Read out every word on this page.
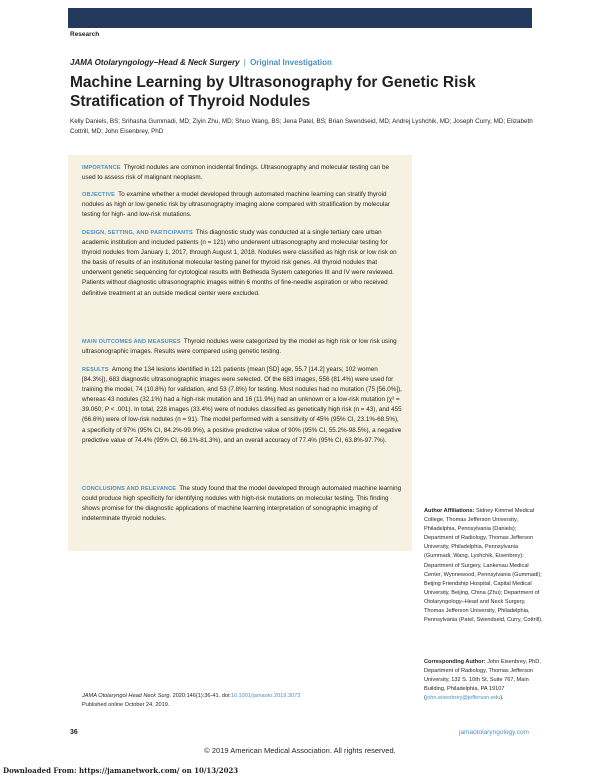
Research
JAMA Otolaryngology–Head & Neck Surgery | Original Investigation
Machine Learning by Ultrasonography for Genetic Risk Stratification of Thyroid Nodules

Kelly Daniels, BS; Srihasha Gummadi, MD; Ziyin Zhu, MD; Shuo Wang, BS; Jena Patel, BS; Brian Swendseid, MD; Andrej Lyshchik, MD; Joseph Curry, MD; Elizabeth Cottrill, MD; John Eisenbrey, PhD

IMPORTANCE Thyroid nodules are common incidental findings. Ultrasonography and molecular testing can be used to assess risk of malignant neoplasm.

OBJECTIVE To examine whether a model developed through automated machine learning can stratify thyroid nodules as high or low genetic risk by ultrasonography imaging alone compared with stratification by molecular testing for high- and low-risk mutations.

DESIGN, SETTING, AND PARTICIPANTS This diagnostic study was conducted at a single tertiary care urban academic institution and included patients (n = 121) who underwent ultrasonography and molecular testing for thyroid nodules from January 1, 2017, through August 1, 2018. Nodules were classified as high risk or low risk on the basis of results of an institutional molecular testing panel for thyroid risk genes. All thyroid nodules that underwent genetic sequencing for cytological results with Bethesda System categories III and IV were reviewed. Patients without diagnostic ultrasonographic images within 6 months of fine-needle aspiration or who received definitive treatment at an outside medical center were excluded.

MAIN OUTCOMES AND MEASURES Thyroid nodules were categorized by the model as high risk or low risk using ultrasonographic images. Results were compared using genetic testing.

RESULTS Among the 134 lesions identified in 121 patients (mean [SD] age, 55.7 [14.2] years; 102 women [84.3%]), 683 diagnostic ultrasonographic images were selected. Of the 683 images, 556 (81.4%) were used for training the model, 74 (10.8%) for validation, and 53 (7.8%) for testing. Most nodules had no mutation (75 [56.0%]), whereas 43 nodules (32.1%) had a high-risk mutation and 16 (11.9%) had an unknown or a low-risk mutation (χ² = 39.060; P < .001). In total, 228 images (33.4%) were of nodules classified as genetically high risk (n = 43), and 455 (66.6%) were of low-risk nodules (n = 91). The model performed with a sensitivity of 45% (95% CI, 23.1%-68.5%), a specificity of 97% (95% CI, 84.2%-99.9%), a positive predictive value of 90% (95% CI, 55.2%-98.5%), a negative predictive value of 74.4% (95% CI, 66.1%-81.3%), and an overall accuracy of 77.4% (95% CI, 63.8%-97.7%).

CONCLUSIONS AND RELEVANCE The study found that the model developed through automated machine learning could produce high specificity for identifying nodules with high-risk mutations on molecular testing. This finding shows promise for the diagnostic applications of machine learning interpretation of sonographic imaging of indeterminate thyroid nodules.

Author Affiliations: Sidney Kimmel Medical College, Thomas Jefferson University, Philadelphia, Pennsylvania (Daniels); Department of Radiology, Thomas Jefferson University, Philadelphia, Pennsylvania (Gummadi, Wang, Lyshchik, Eisenbrey); Department of Surgery, Lankenau Medical Center, Wynnewood, Pennsylvania (Gummadi); Beijing Friendship Hospital, Capital Medical University, Beijing, China (Zhu); Department of Otolaryngology–Head and Neck Surgery, Thomas Jefferson University, Philadelphia, Pennsylvania (Patel, Swendseid, Curry, Cottrill).

Corresponding Author: John Eisenbrey, PhD, Department of Radiology, Thomas Jefferson University, 132 S. 10th St, Suite 767, Main Building, Philadelphia, PA 19107 (john.eisenbrey@jefferson.edu).

JAMA Otolaryngol Head Neck Surg. 2020;146(1):36-41. doi:10.1001/jamaoto.2019.3073
Published online October 24, 2019.

36	jamaotolaryngology.com
© 2019 American Medical Association. All rights reserved.
Downloaded From: https://jamanetwork.com/ on 10/13/2023
